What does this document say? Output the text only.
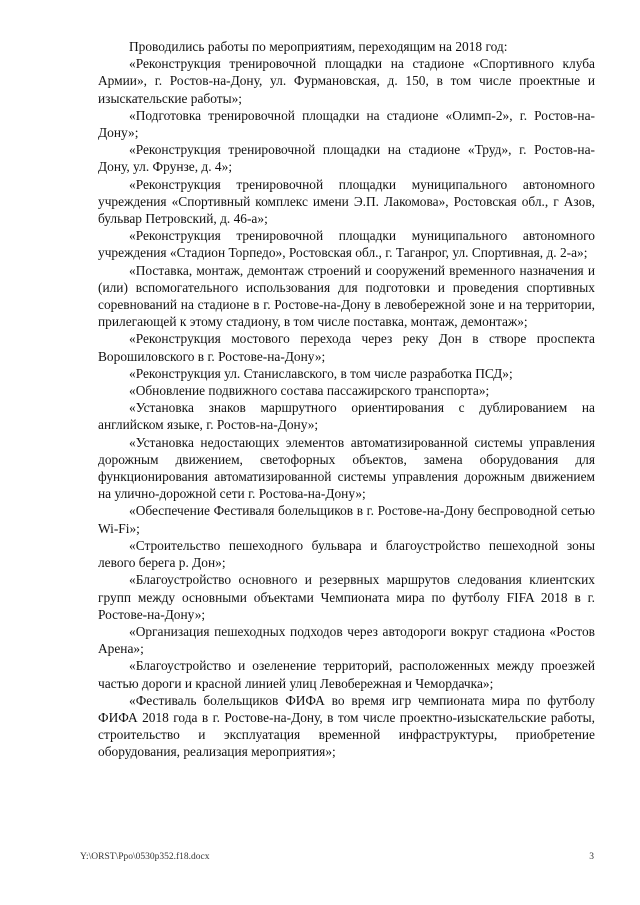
Проводились работы по мероприятиям, переходящим на 2018 год:

«Реконструкция тренировочной площадки на стадионе «Спортивного клуба Армии», г. Ростов-на-Дону, ул. Фурмановская, д. 150, в том числе проектные и изыскательские работы»;

«Подготовка тренировочной площадки на стадионе «Олимп-2», г. Ростов-на-Дону»;

«Реконструкция тренировочной площадки на стадионе «Труд», г. Ростов-на-Дону, ул. Фрунзе, д. 4»;

«Реконструкция тренировочной площадки муниципального автономного учреждения «Спортивный комплекс имени Э.П. Лакомова», Ростовская обл., г Азов, бульвар Петровский, д. 46-а»;

«Реконструкция тренировочной площадки муниципального автономного учреждения «Стадион Торпедо», Ростовская обл., г. Таганрог, ул. Спортивная, д. 2-а»;

«Поставка, монтаж, демонтаж строений и сооружений временного назначения и (или) вспомогательного использования для подготовки и проведения спортивных соревнований на стадионе в г. Ростове-на-Дону в левобережной зоне и на территории, прилегающей к этому стадиону, в том числе поставка, монтаж, демонтаж»;

«Реконструкция мостового перехода через реку Дон в створе проспекта Ворошиловского в г. Ростове-на-Дону»;

«Реконструкция ул. Станиславского, в том числе разработка ПСД»;

«Обновление подвижного состава пассажирского транспорта»;

«Установка знаков маршрутного ориентирования с дублированием на английском языке, г. Ростов-на-Дону»;

«Установка недостающих элементов автоматизированной системы управления дорожным движением, светофорных объектов, замена оборудования для функционирования автоматизированной системы управления дорожным движением на улично-дорожной сети г. Ростова-на-Дону»;

«Обеспечение Фестиваля болельщиков в г. Ростове-на-Дону беспроводной сетью Wi-Fi»;

«Строительство пешеходного бульвара и благоустройство пешеходной зоны левого берега р. Дон»;

«Благоустройство основного и резервных маршрутов следования клиентских групп между основными объектами Чемпионата мира по футболу FIFA 2018 в г. Ростове-на-Дону»;

«Организация пешеходных подходов через автодороги вокруг стадиона «Ростов Арена»;

«Благоустройство и озеленение территорий, расположенных между проезжей частью дороги и красной линией улиц Левобережная и Чемордачка»;

«Фестиваль болельщиков ФИФА во время игр чемпионата мира по футболу ФИФА 2018 года в г. Ростове-на-Дону, в том числе проектно-изыскательские работы, строительство и эксплуатация временной инфраструктуры, приобретение оборудования, реализация мероприятия»;

Y:\ORST\Ppo\0530p352.f18.docx	3
